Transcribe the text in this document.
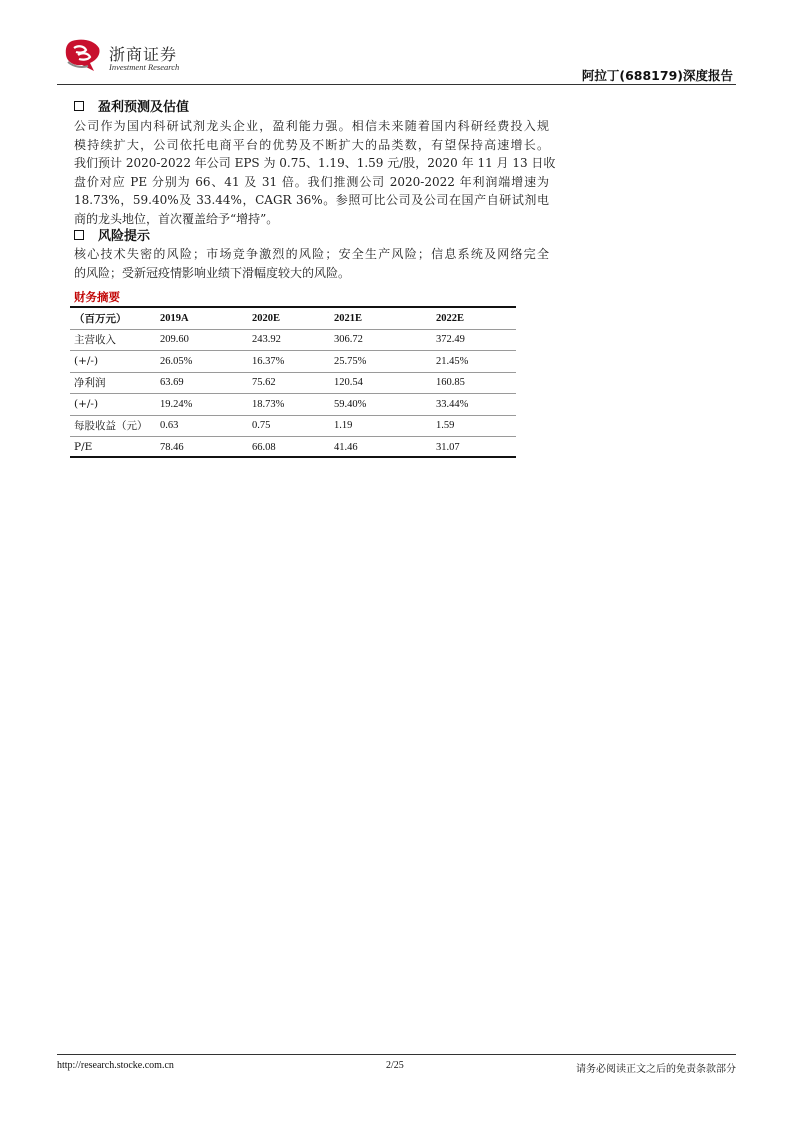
浙商证券
Investment Research
阿拉丁(688179)深度报告
盈利预测及估值
公司作为国内科研试剂龙头企业，盈利能力强。相信未来随着国内科研经费投入规
模持续扩大，公司依托电商平台的优势及不断扩大的品类数，有望保持高速增长。
我们预计 2020-2022 年公司 EPS 为 0.75、1.19、1.59 元/股，2020 年 11 月 13 日收
盘价对应 PE 分别为 66、41 及 31 倍。我们推测公司 2020-2022 年利润端增速为
18.73%，59.40%及 33.44%，CAGR 36%。参照可比公司及公司在国产自研试剂电
商的龙头地位，首次覆盖给予“增持”。
风险提示
核心技术失密的风险；市场竞争激烈的风险；安全生产风险；信息系统及网络完全
的风险；受新冠疫情影响业绩下滑幅度较大的风险。
财务摘要
（百万元）	2019A	2020E	2021E	2022E
主营收入	209.60	243.92	306.72	372.49
(+/-)	26.05%	16.37%	25.75%	21.45%
净利润	63.69	75.62	120.54	160.85
(+/-)	19.24%	18.73%	59.40%	33.44%
每股收益（元）	0.63	0.75	1.19	1.59
P/E	78.46	66.08	41.46	31.07
http://research.stocke.com.cn	2/25	请务必阅读正文之后的免责条款部分
